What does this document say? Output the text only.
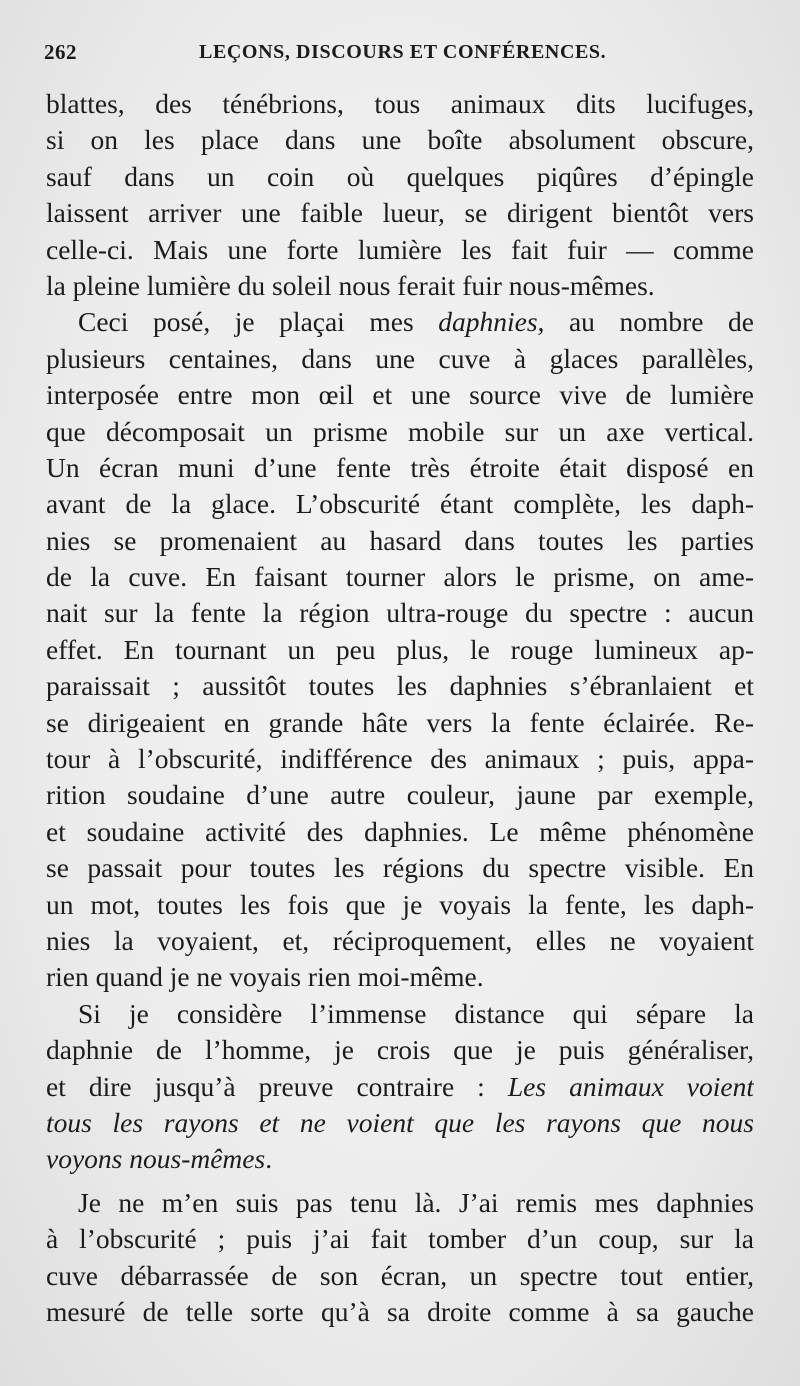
262	LEÇONS, DISCOURS ET CONFÉRENCES.
blattes, des ténébrions, tous animaux dits lucifuges,
si on les place dans une boîte absolument obscure,
sauf dans un coin où quelques piqûres d’épingle
laissent arriver une faible lueur, se dirigent bientôt vers
celle-ci. Mais une forte lumière les fait fuir — comme
la pleine lumière du soleil nous ferait fuir nous-mêmes.
Ceci posé, je plaçai mes daphnies, au nombre de
plusieurs centaines, dans une cuve à glaces parallèles,
interposée entre mon œil et une source vive de lumière
que décomposait un prisme mobile sur un axe vertical.
Un écran muni d’une fente très étroite était disposé en
avant de la glace. L’obscurité étant complète, les daph-
nies se promenaient au hasard dans toutes les parties
de la cuve. En faisant tourner alors le prisme, on ame-
nait sur la fente la région ultra-rouge du spectre : aucun
effet. En tournant un peu plus, le rouge lumineux ap-
paraissait ; aussitôt toutes les daphnies s’ébranlaient et
se dirigeaient en grande hâte vers la fente éclairée. Re-
tour à l’obscurité, indifférence des animaux ; puis, appa-
rition soudaine d’une autre couleur, jaune par exemple,
et soudaine activité des daphnies. Le même phénomène
se passait pour toutes les régions du spectre visible. En
un mot, toutes les fois que je voyais la fente, les daph-
nies la voyaient, et, réciproquement, elles ne voyaient
rien quand je ne voyais rien moi-même.
Si je considère l’immense distance qui sépare la
daphnie de l’homme, je crois que je puis généraliser,
et dire jusqu’à preuve contraire : Les animaux voient
tous les rayons et ne voient que les rayons que nous
voyons nous-mêmes.
Je ne m’en suis pas tenu là. J’ai remis mes daphnies
à l’obscurité ; puis j’ai fait tomber d’un coup, sur la
cuve débarrassée de son écran, un spectre tout entier,
mesuré de telle sorte qu’à sa droite comme à sa gauche
